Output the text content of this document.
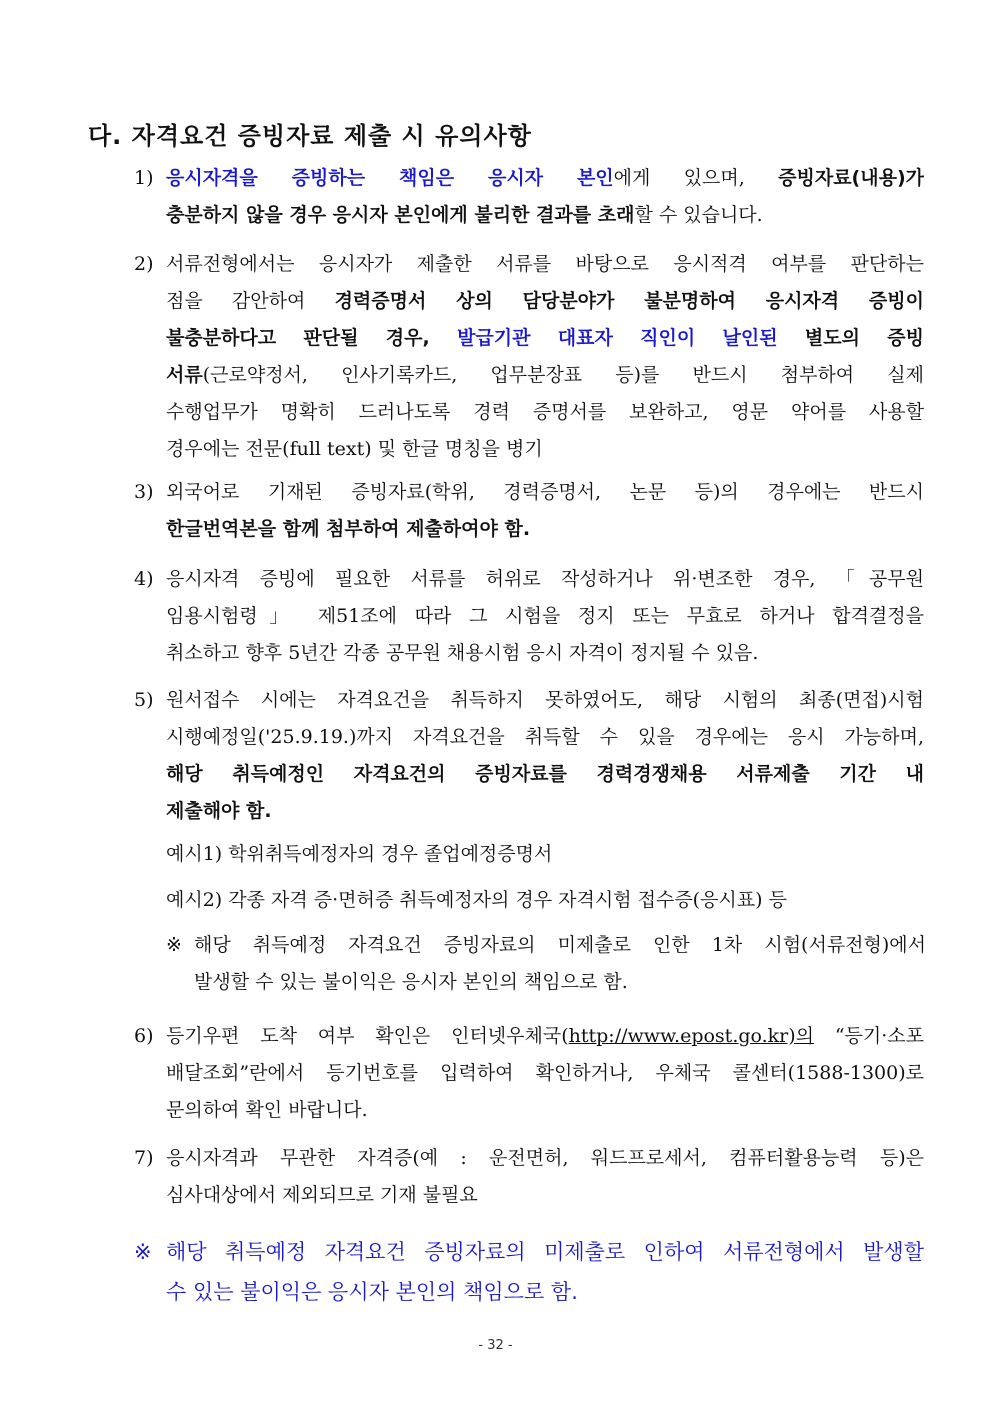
다. 자격요건 증빙자료 제출 시 유의사항
1) 응시자격을 증빙하는 책임은 응시자 본인에게 있으며, 증빙자료(내용)가
충분하지 않을 경우 응시자 본인에게 불리한 결과를 초래할 수 있습니다.
2) 서류전형에서는 응시자가 제출한 서류를 바탕으로 응시적격 여부를 판단하는
점을 감안하여 경력증명서 상의 담당분야가 불분명하여 응시자격 증빙이
불충분하다고 판단될 경우, 발급기관 대표자 직인이 날인된 별도의 증빙
서류(근로약정서, 인사기록카드, 업무분장표 등)를 반드시 첨부하여 실제
수행업무가 명확히 드러나도록 경력 증명서를 보완하고, 영문 약어를 사용할
경우에는 전문(full text) 및 한글 명칭을 병기
3) 외국어로 기재된 증빙자료(학위, 경력증명서, 논문 등)의 경우에는 반드시
한글번역본을 함께 첨부하여 제출하여야 함.
4) 응시자격 증빙에 필요한 서류를 허위로 작성하거나 위·변조한 경우, 「공무원
임용시험령」 제51조에 따라 그 시험을 정지 또는 무효로 하거나 합격결정을
취소하고 향후 5년간 각종 공무원 채용시험 응시 자격이 정지될 수 있음.
5) 원서접수 시에는 자격요건을 취득하지 못하였어도, 해당 시험의 최종(면접)시험
시행예정일('25.9.19.)까지 자격요건을 취득할 수 있을 경우에는 응시 가능하며,
해당 취득예정인 자격요건의 증빙자료를 경력경쟁채용 서류제출 기간 내
제출해야 함.
예시1) 학위취득예정자의 경우 졸업예정증명서
예시2) 각종 자격 증·면허증 취득예정자의 경우 자격시험 접수증(응시표) 등
※ 해당 취득예정 자격요건 증빙자료의 미제출로 인한 1차 시험(서류전형)에서
발생할 수 있는 불이익은 응시자 본인의 책임으로 함.
6) 등기우편 도착 여부 확인은 인터넷우체국(http://www.epost.go.kr)의 “등기·소포
배달조회”란에서 등기번호를 입력하여 확인하거나, 우체국 콜센터(1588-1300)로
문의하여 확인 바랍니다.
7) 응시자격과 무관한 자격증(예 : 운전면허, 워드프로세서, 컴퓨터활용능력 등)은
심사대상에서 제외되므로 기재 불필요
※ 해당 취득예정 자격요건 증빙자료의 미제출로 인하여 서류전형에서 발생할
수 있는 불이익은 응시자 본인의 책임으로 함.
- 32 -
